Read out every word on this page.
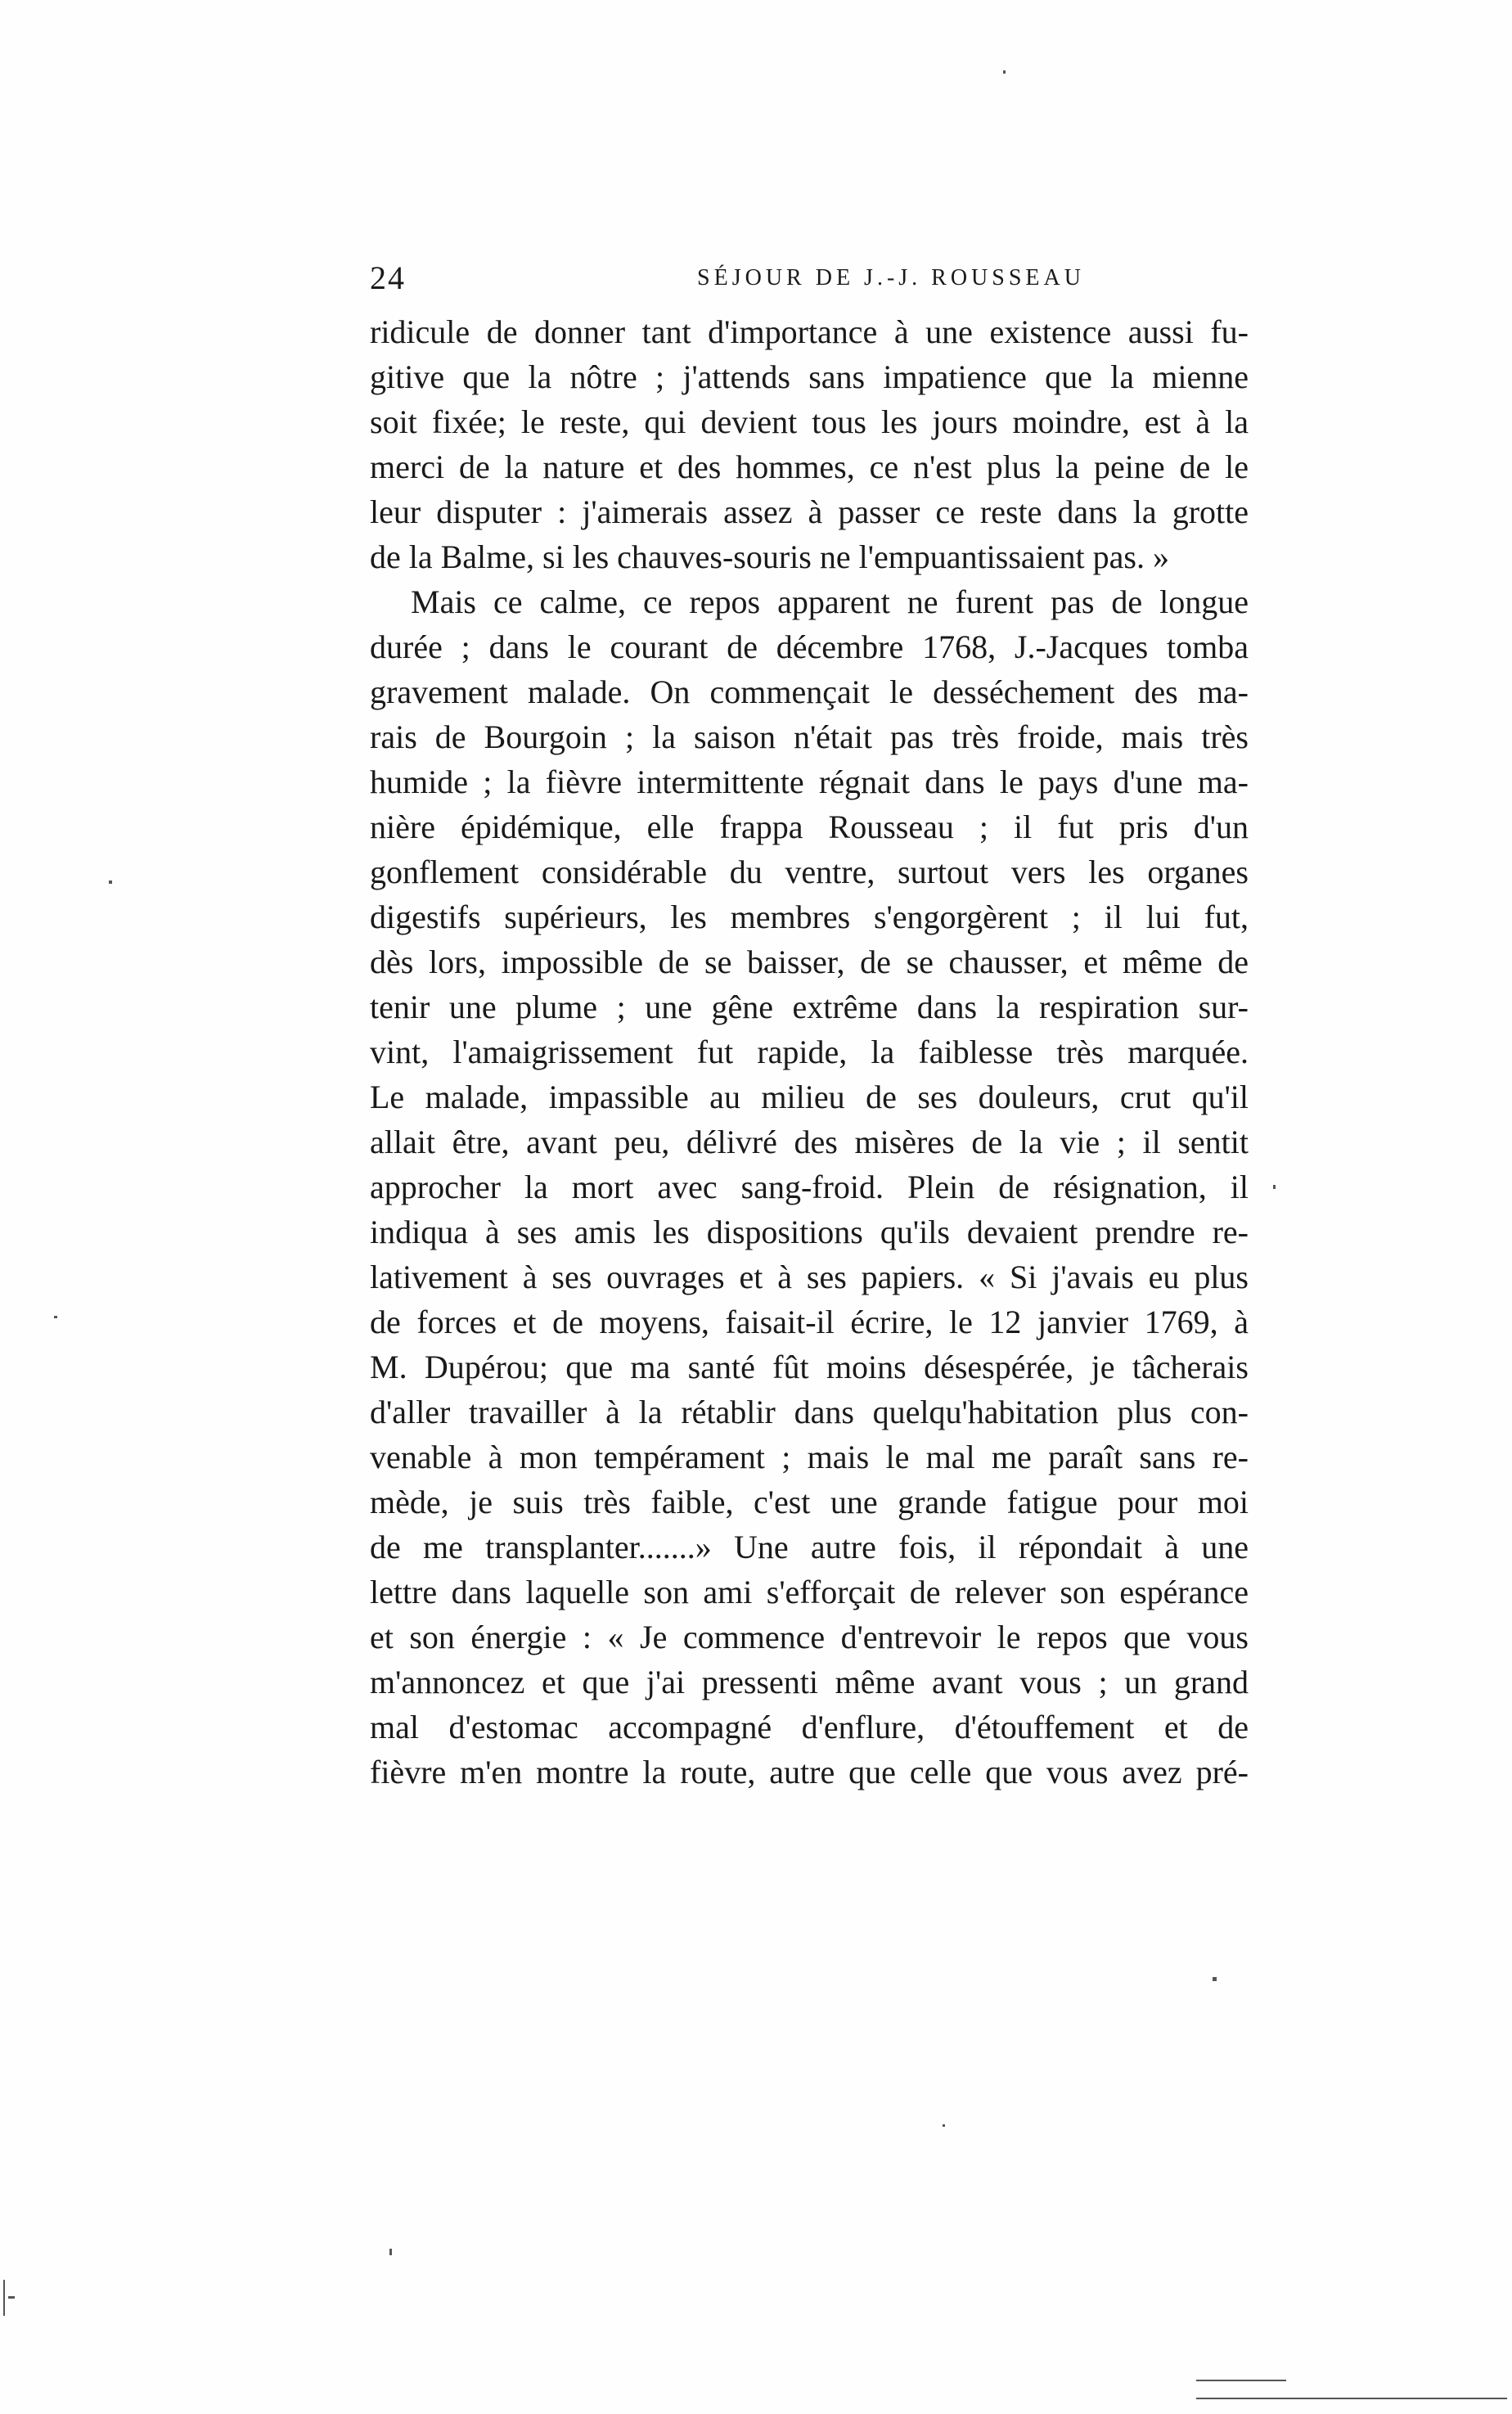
24	SÉJOUR DE J.-J. ROUSSEAU
ridicule de donner tant d'importance à une existence aussi fu-
gitive que la nôtre ; j'attends sans impatience que la mienne
soit fixée; le reste, qui devient tous les jours moindre, est à la
merci de la nature et des hommes, ce n'est plus la peine de le
leur disputer : j'aimerais assez à passer ce reste dans la grotte
de la Balme, si les chauves-souris ne l'empuantissaient pas. »
Mais ce calme, ce repos apparent ne furent pas de longue
durée ; dans le courant de décembre 1768, J.-Jacques tomba
gravement malade. On commençait le desséchement des ma-
rais de Bourgoin ; la saison n'était pas très froide, mais très
humide ; la fièvre intermittente régnait dans le pays d'une ma-
nière épidémique, elle frappa Rousseau ; il fut pris d'un
gonflement considérable du ventre, surtout vers les organes
digestifs supérieurs, les membres s'engorgèrent ; il lui fut,
dès lors, impossible de se baisser, de se chausser, et même de
tenir une plume ; une gêne extrême dans la respiration sur-
vint, l'amaigrissement fut rapide, la faiblesse très marquée.
Le malade, impassible au milieu de ses douleurs, crut qu'il
allait être, avant peu, délivré des misères de la vie ; il sentit
approcher la mort avec sang-froid. Plein de résignation, il
indiqua à ses amis les dispositions qu'ils devaient prendre re-
lativement à ses ouvrages et à ses papiers. « Si j'avais eu plus
de forces et de moyens, faisait-il écrire, le 12 janvier 1769, à
M. Dupérou; que ma santé fût moins désespérée, je tâcherais
d'aller travailler à la rétablir dans quelqu'habitation plus con-
venable à mon tempérament ; mais le mal me paraît sans re-
mède, je suis très faible, c'est une grande fatigue pour moi
de me transplanter.......» Une autre fois, il répondait à une
lettre dans laquelle son ami s'efforçait de relever son espérance
et son énergie : « Je commence d'entrevoir le repos que vous
m'annoncez et que j'ai pressenti même avant vous ; un grand
mal d'estomac accompagné d'enflure, d'étouffement et de
fièvre m'en montre la route, autre que celle que vous avez pré-
